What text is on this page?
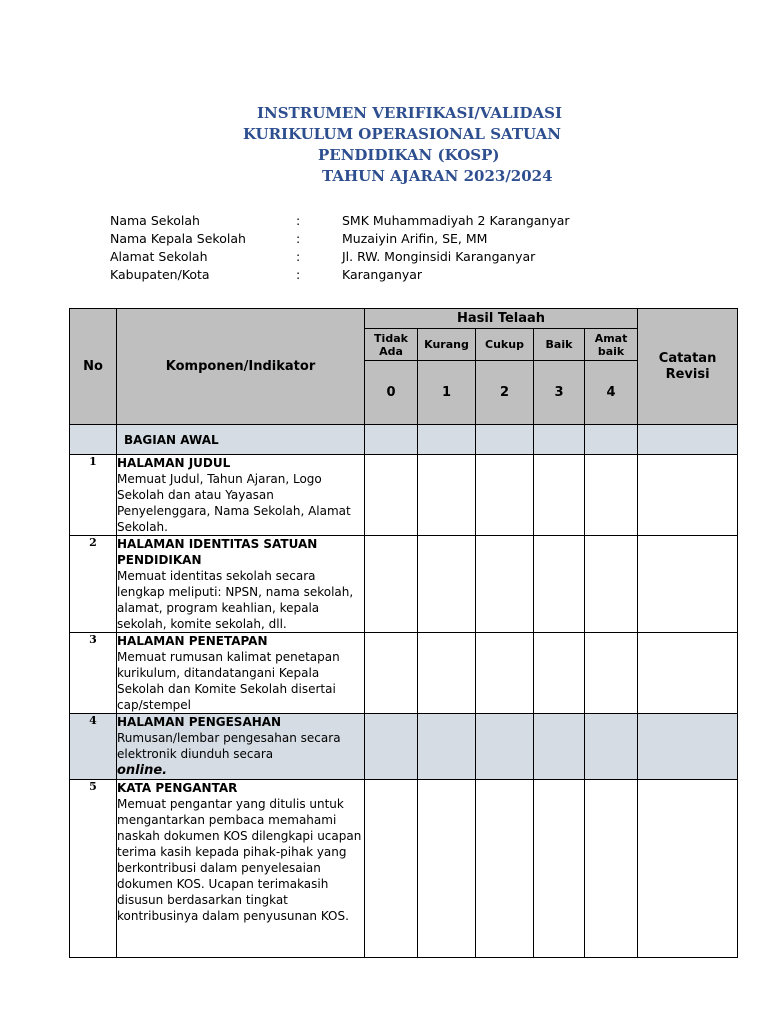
INSTRUMEN VERIFIKASI/VALIDASI
KURIKULUM OPERASIONAL SATUAN
PENDIDIKAN (KOSP)
TAHUN AJARAN 2023/2024
Nama Sekolah	:	SMK Muhammadiyah 2 Karanganyar
Nama Kepala Sekolah	:	Muzaiyin Arifin, SE, MM
Alamat Sekolah	:	Jl. RW. Monginsidi Karanganyar
Kabupaten/Kota	:	Karanganyar
No	Komponen/Indikator	Hasil Telaah					Catatan
Revisi
		Tidak
Ada	Kurang	Cukup	Baik	Amat
baik	
		0	1	2	3	4	
	BAGIAN AWAL						
1	HALAMAN JUDUL
Memuat Judul, Tahun Ajaran, Logo Sekolah dan atau Yayasan Penyelenggara, Nama Sekolah, Alamat Sekolah.						

2	HALAMAN IDENTITAS SATUAN PENDIDIKAN
Memuat identitas sekolah secara lengkap meliputi: NPSN, nama sekolah, alamat, program keahlian, kepala sekolah, komite sekolah, dll.						

3	HALAMAN PENETAPAN
Memuat rumusan kalimat penetapan kurikulum, ditandatangani Kepala Sekolah dan Komite Sekolah disertai cap/stempel						

4	HALAMAN PENGESAHAN
Rumusan/lembar pengesahan secara elektronik diunduh secara
online.						

5	KATA PENGANTAR
Memuat pengantar yang ditulis untuk mengantarkan pembaca memahami naskah dokumen KOS dilengkapi ucapan terima kasih kepada pihak-pihak yang berkontribusi dalam penyelesaian dokumen KOS. Ucapan terimakasih disusun berdasarkan tingkat kontribusinya dalam penyusunan KOS.						
